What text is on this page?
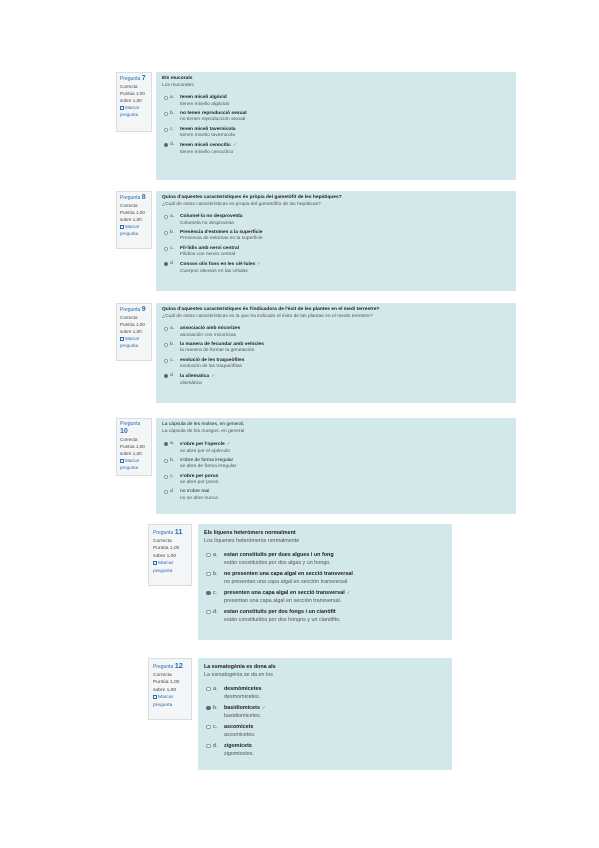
Pregunta 7
Correcta
Puntúa 1,00 sobre 1,00
Marcar pregunta
Els mucorals
Los mucorales
a. tenen miceli algòcid
tienen micelio algácido
b. no tenen reproducció sexual
no tienen reproducción sexual
c. tenen miceli tavernicola
tienen micelio tavernicola
d. tenen miceli cenocític ✓
tienen micelio cenocítico
Pregunta 8
Correcta
Puntúa 1,00 sobre 1,00
Marcar pregunta
Quina d'aquestes característiques és pròpia del gametòfit de les hepàtiques?
¿Cuál de estas características es propia del gametófito de las hepáticas?
a. Columel·la no desproveïda
Columela no desprovista
b. Presència d'estomes a la superfície
Presencia de estomas en la superficie
c. Fil·lidis amb nervi central
Filidios con nervio central
d. Cossos olis fons en les cèl·lules ✓
Cuerpos oleosos en las células
Pregunta 9
Correcta
Puntúa 1,00 sobre 1,00
Marcar pregunta
Quina d'aquestes característiques és l'indicadora de l'èxit de les plantes en el medi terrestre?
¿Cuál de estas características es la que ha indicado el éxito de las plantas en el medio terrestre?
a. associació amb micorizes
asociación con micorrizas
b. la manera de fecundar amb vehicles
la manera de formar la genetación
c. evolució de les traqueòfites
evolución de las traqueófitas
d. la xilematica ✓
xilemática
Pregunta 10
Correcta
Puntúa 1,00 sobre 1,00
Marcar pregunta
La càpsula de les molses, en general,
La cápsula de los musgos, en general
a. s'obre per l'opercle ✓
se abre por el opérculo
b. s'obre de forma irregular
se abre de forma irregular
c. s'obre per porus
se abre por poros
d. no s'obre mai
no se abre nunca
Pregunta 11
Correcta
Puntúa 1,00 sobre 1,00
Marcar pregunta
Els líquens heteròmers normalment
Los líquenes heterómeros normalmente
a. estan constituïts per dues algues i un fong
están constituidos por dos algas y un hongo.
b. no presenten una capa algal en secció transversal
no presentan una capa algal en sección transversal
c. presenten una capa algal en secció transversal ✓
presentan una capa algal en sección transversal.
d. estan constituïts per dos fongs i un cianòfit
están constituidos por dos hongos y un cianófito.
Pregunta 12
Correcta
Puntúa 1,00 sobre 1,00
Marcar pregunta
La esmatogènia es dona als
La esmatogénia se da en los
a. desmòmicetes
desmomicetes.
b. basidiomicets ✓
basidiomicetes.
c. ascomicets
ascomicetes.
d. zigomicets
zigomicetes.
